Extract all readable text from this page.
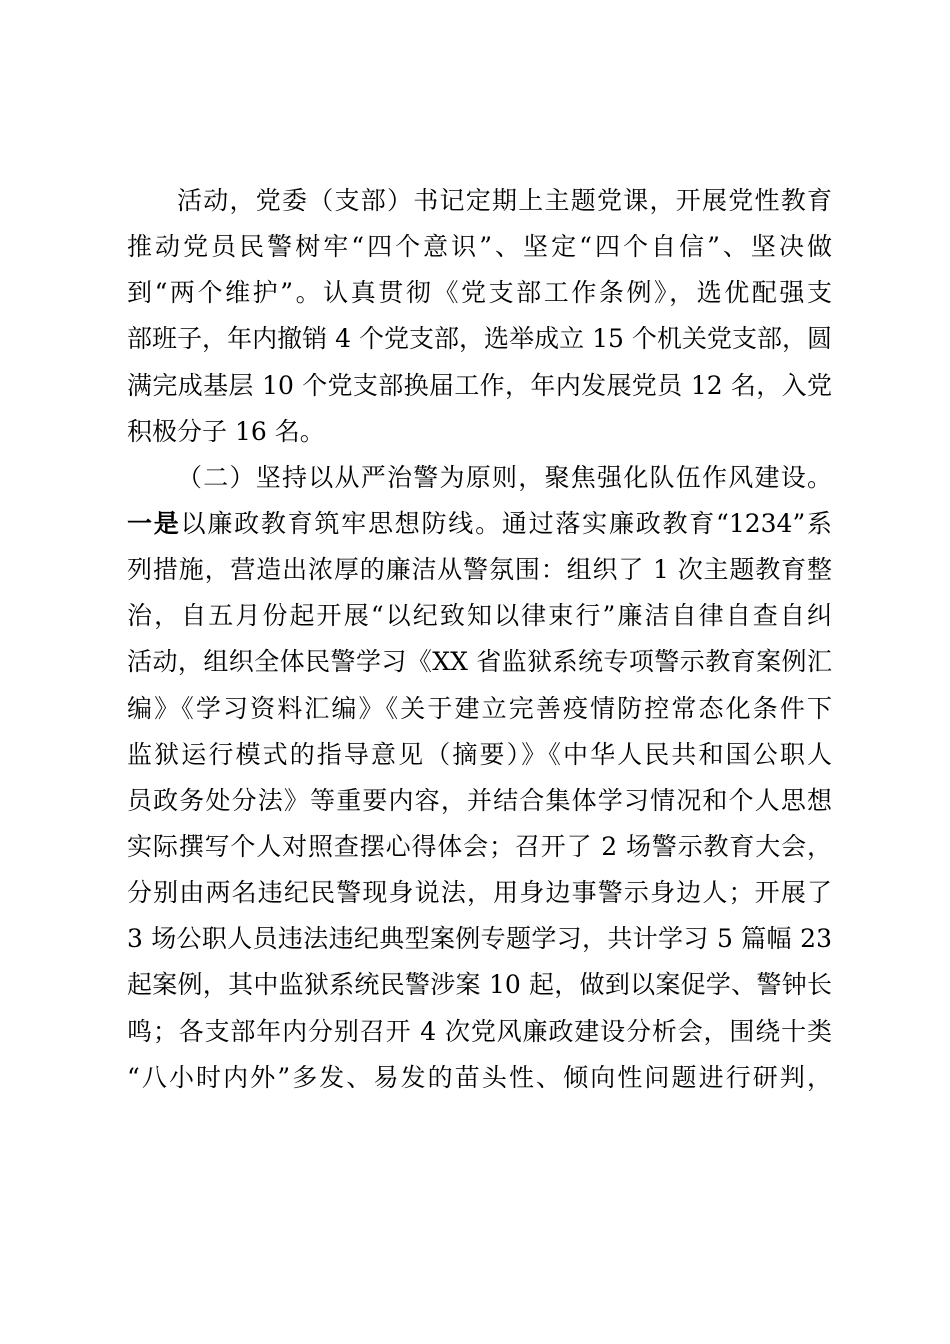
活动，党委（支部）书记定期上主题党课，开展党性教育
推动党员民警树牢“四个意识”、坚定“四个自信”、坚决做
到“两个维护”。认真贯彻《党支部工作条例》，选优配强支
部班子，年内撤销 4 个党支部，选举成立 15 个机关党支部，圆
满完成基层 10 个党支部换届工作，年内发展党员 12 名，入党
积极分子 16 名。
（二）坚持以从严治警为原则，聚焦强化队伍作风建设。
一是以廉政教育筑牢思想防线。通过落实廉政教育“1234”系
列措施，营造出浓厚的廉洁从警氛围：组织了 1 次主题教育整
治，自五月份起开展“以纪致知以律束行”廉洁自律自查自纠
活动，组织全体民警学习《XX 省监狱系统专项警示教育案例汇
编》《学习资料汇编》《关于建立完善疫情防控常态化条件下
监狱运行模式的指导意见（摘要）》《中华人民共和国公职人
员政务处分法》等重要内容，并结合集体学习情况和个人思想
实际撰写个人对照查摆心得体会；召开了 2 场警示教育大会，
分别由两名违纪民警现身说法，用身边事警示身边人；开展了
3 场公职人员违法违纪典型案例专题学习，共计学习 5 篇幅 23
起案例，其中监狱系统民警涉案 10 起，做到以案促学、警钟长
鸣；各支部年内分别召开 4 次党风廉政建设分析会，围绕十类
“八小时内外”多发、易发的苗头性、倾向性问题进行研判，
